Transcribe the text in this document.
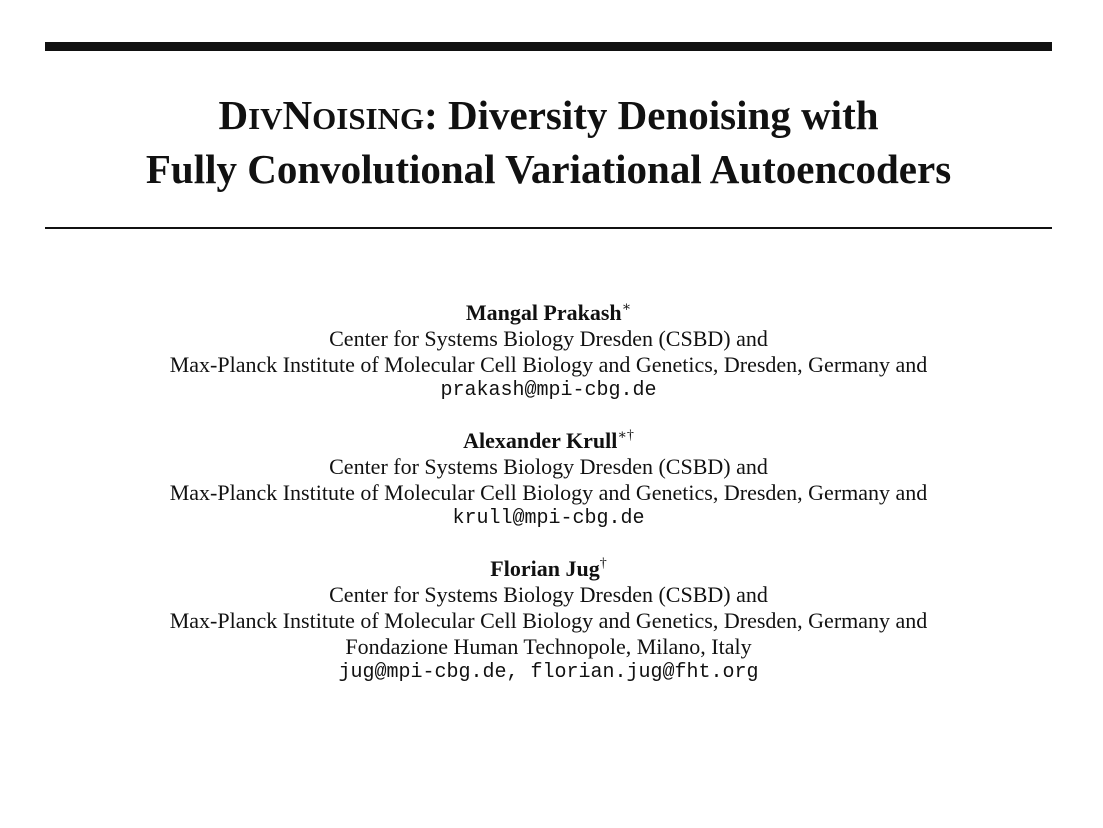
DIVNOISING: Diversity Denoising with
Fully Convolutional Variational Autoencoders
Mangal Prakash∗
Center for Systems Biology Dresden (CSBD) and
Max-Planck Institute of Molecular Cell Biology and Genetics, Dresden, Germany and
prakash@mpi-cbg.de
Alexander Krull∗†
Center for Systems Biology Dresden (CSBD) and
Max-Planck Institute of Molecular Cell Biology and Genetics, Dresden, Germany and
krull@mpi-cbg.de
Florian Jug†
Center for Systems Biology Dresden (CSBD) and
Max-Planck Institute of Molecular Cell Biology and Genetics, Dresden, Germany and
Fondazione Human Technopole, Milano, Italy
jug@mpi-cbg.de, florian.jug@fht.org
